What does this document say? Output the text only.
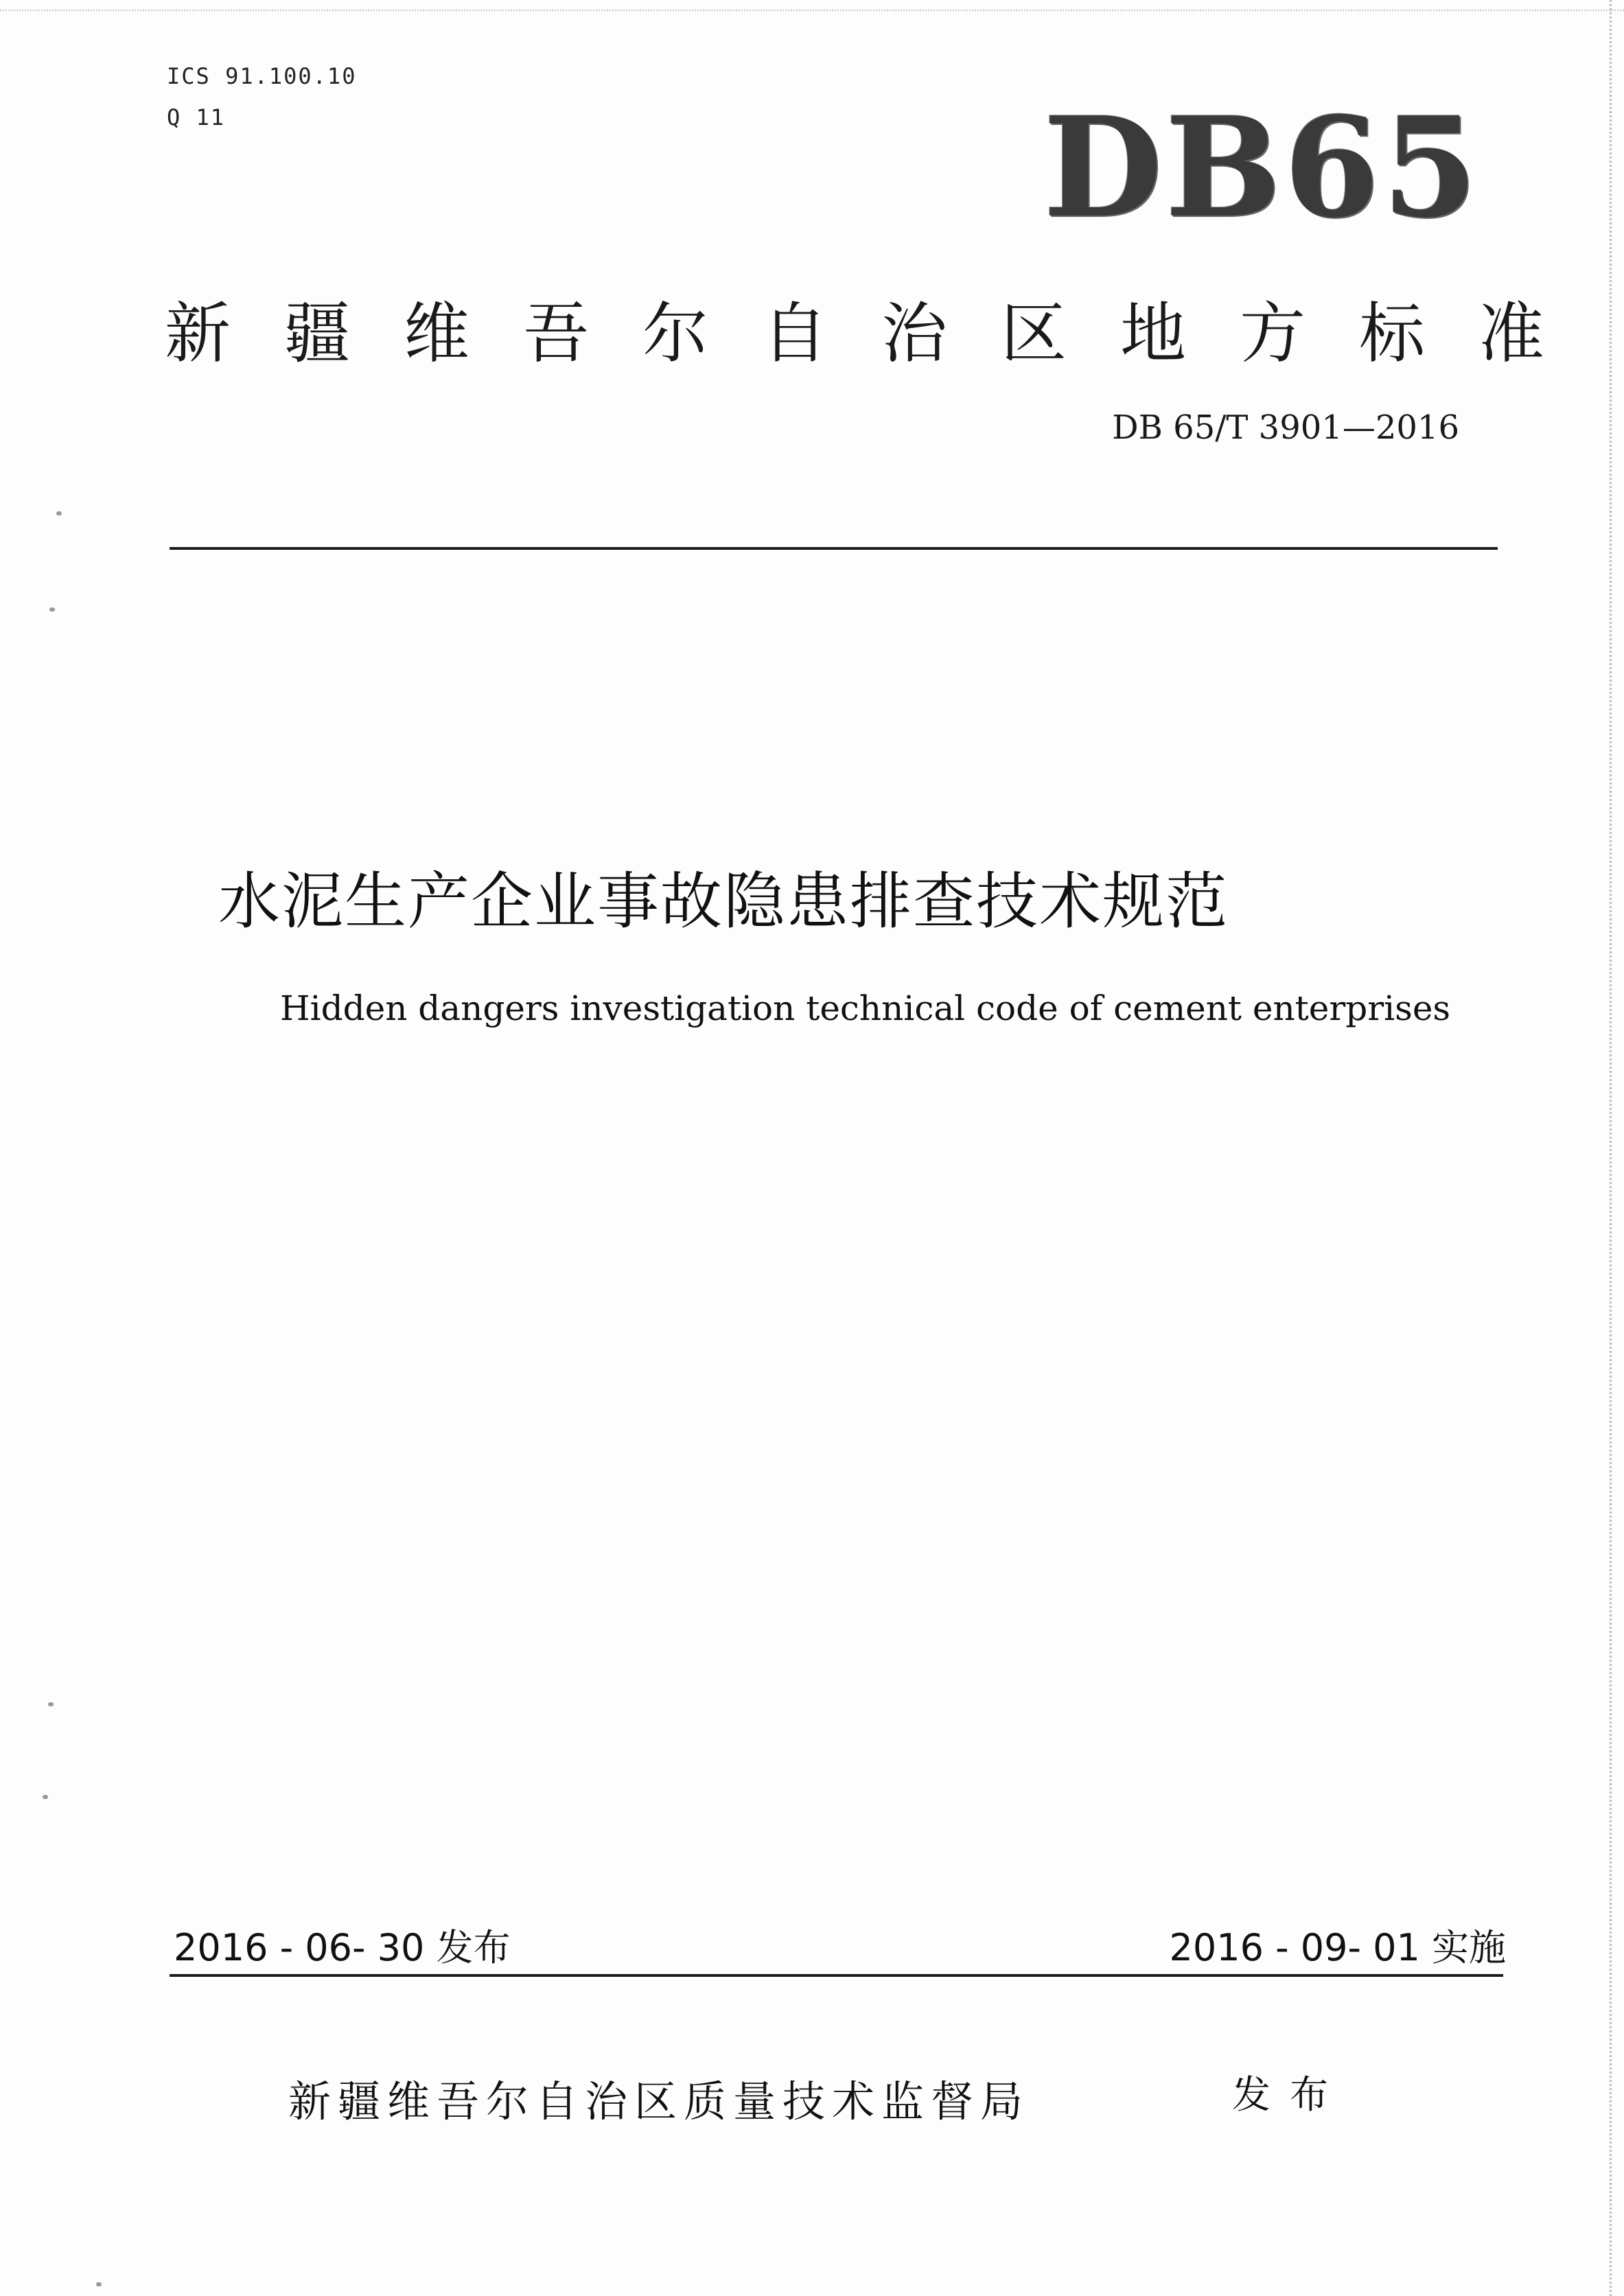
ICS 91.100.10
Q 11	DB65
新疆维吾尔自治区地方标准
DB 65/T 3901—2016
水泥生产企业事故隐患排查技术规范
Hidden dangers investigation technical code of cement enterprises
2016 - 06- 30 发布	2016 - 09- 01 实施
新疆维吾尔自治区质量技术监督局	发布
